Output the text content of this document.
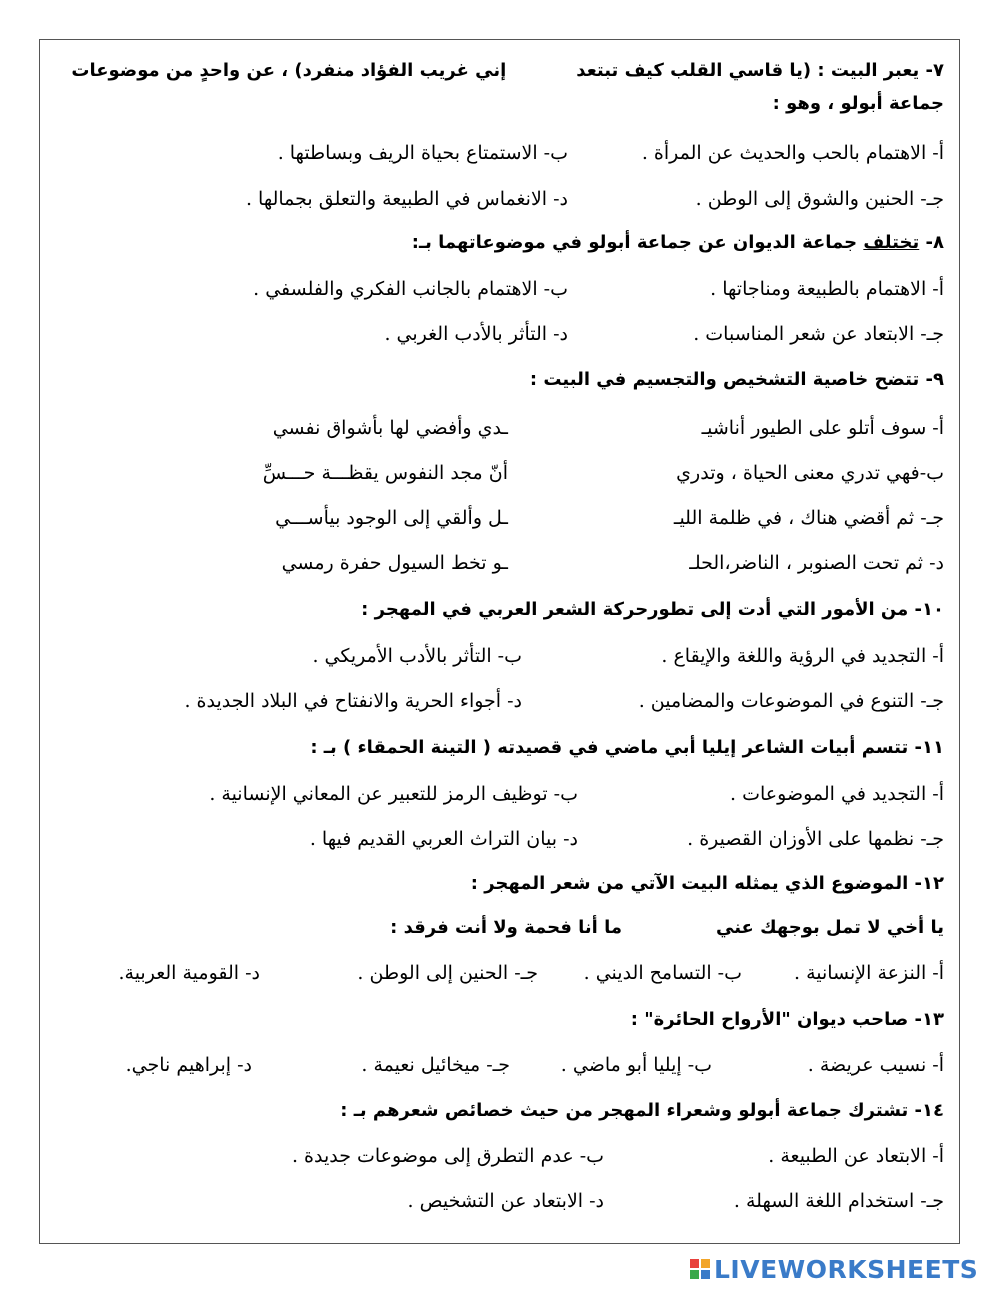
٧- يعبر البيت : (يا قاسي القلب كيف تبتعدإني غريب الفؤاد منفرد) ، عن واحدٍ من موضوعات
جماعة أبولو ، وهو :
أ- الاهتمام بالحب والحديث عن المرأة .
ب- الاستمتاع بحياة الريف وبساطتها .
جـ- الحنين والشوق إلى الوطن .
د- الانغماس في الطبيعة والتعلق بجمالها .
٨- تختلف جماعة الديوان عن جماعة أبولو في موضوعاتهما بـ:
أ- الاهتمام بالطبيعة ومناجاتها .
ب- الاهتمام بالجانب الفكري والفلسفي .
جـ- الابتعاد عن شعر المناسبات .
د- التأثر بالأدب الغربي .
٩- تتضح خاصية التشخيص والتجسيم في البيت :
أ- سوف أتلو على الطيور أناشيـ
ـدي وأفضي لها بأشواق نفسي
ب-فهي تدري معنى الحياة ، وتدري
أنّ مجد النفوس يقظـــة حـــسِّ
جـ- ثم أقضي هناك ، في ظلمة الليـ
ـل وألقي إلى الوجود بيأســـي
د- ثم تحت الصنوبر ، الناضر،الحلـ
ـو تخط السيول حفرة رمسي
١٠- من الأمور التي أدت إلى تطورحركة الشعر العربي في المهجر :
أ- التجديد في الرؤية واللغة والإيقاع .
ب- التأثر بالأدب الأمريكي .
جـ- التنوع في الموضوعات والمضامين .
د- أجواء الحرية والانفتاح في البلاد الجديدة .
١١- تتسم أبيات الشاعر إيليا أبي ماضي في قصيدته ( التينة الحمقاء ) بـ :
أ- التجديد في الموضوعات .
ب- توظيف الرمز للتعبير عن المعاني الإنسانية .
جـ- نظمها على الأوزان القصيرة .
د- بيان التراث العربي القديم فيها .
١٢- الموضوع الذي يمثله البيت الآتي من شعر المهجر :
يا أخي لا تمل بوجهك عني
ما أنا فحمة ولا أنت فرقد :
أ- النزعة الإنسانية .
ب- التسامح الديني .
جـ- الحنين إلى الوطن .
د- القومية العربية.
١٣- صاحب ديوان "الأرواح الحائرة" :
أ- نسيب عريضة .
ب- إيليا أبو ماضي .
جـ- ميخائيل نعيمة .
د- إبراهيم ناجي.
١٤- تشترك جماعة أبولو وشعراء المهجر من حيث خصائص شعرهم بـ :
أ- الابتعاد عن الطبيعة .
ب- عدم التطرق إلى موضوعات جديدة .
جـ- استخدام اللغة السهلة .
د- الابتعاد عن التشخيص .
LIVEWORKSHEETS
